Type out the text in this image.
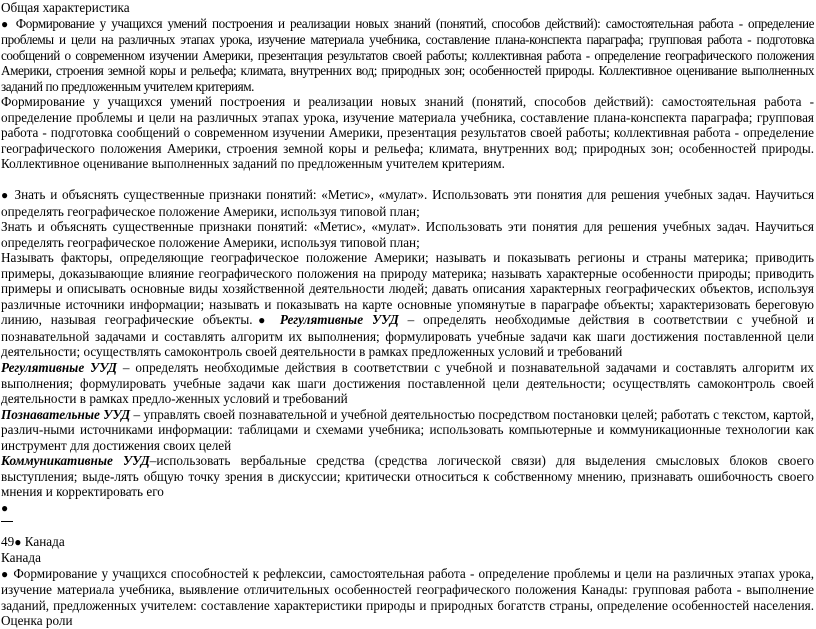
Общая характеристика

● Формирование у учащихся умений построения и реализации новых знаний (понятий, способов действий): самостоятельная работа - определение проблемы и цели на различных этапах урока, изучение материала учебника, составление плана-конспекта параграфа; групповая работа - подготовка сообщений о современном изучении Америки, презентация результатов своей работы; коллективная работа - определение географического положения Америки, строения земной коры и рельефа; климата, внутренних вод; природных зон; особенностей природы. Коллективное оценивание выполненных заданий по предложенным учителем критериям.

Формирование у учащихся умений построения и реализации новых знаний (понятий, способов действий): самостоятельная работа - определение проблемы и цели на различных этапах урока, изучение материала учебника, составление плана-конспекта параграфа; групповая работа - подготовка сообщений о современном изучении Америки, презентация результатов своей работы; коллективная работа - определение географического положения Америки, строения земной коры и рельефа; климата, внутренних вод; природных зон; особенностей природы. Коллективное оценивание выполненных заданий по предложенным учителем критериям.

● Знать и объяснять существенные признаки понятий: «Метис», «мулат». Использовать эти понятия для решения учебных задач. Научиться определять географическое положение Америки, используя типовой план;

Знать и объяснять существенные признаки понятий: «Метис», «мулат». Использовать эти понятия для решения учебных задач. Научиться определять географическое положение Америки, используя типовой план;

Называть факторы, определяющие географическое положение Америки; называть и показывать регионы и страны материка; приводить примеры, доказывающие влияние географического положения на природу материка; называть характерные особенности природы; приводить примеры и описывать основные виды хозяйственной деятельности людей; давать описания характерных географических объектов, используя различные источники информации; называть и показывать на карте основные упомянутые в параграфе объекты; характеризовать береговую линию, называя географические объекты.● Регулятивные УУД – определять необходимые действия в соответствии с учебной и познавательной задачами и составлять алгоритм их выполнения; формулировать учебные задачи как шаги достижения поставленной цели деятельности; осуществлять самоконтроль своей деятельности в рамках предложенных условий и требований

Регулятивные УУД – определять необходимые действия в соответствии с учебной и познавательной задачами и составлять алгоритм их выполнения; формулировать учебные задачи как шаги достижения поставленной цели деятельности; осуществлять самоконтроль своей деятельности в рамках предло-женных условий и требований

Познавательные УУД – управлять своей познавательной и учебной деятельностью посредством постановки целей; работать с текстом, картой, различ-ными источниками информации: таблицами и схемами учебника; использовать компьютерные и коммуникационные технологии как инструмент для достижения своих целей

Коммуникативные УУД–использовать вербальные средства (средства логической связи) для выделения смысловых блоков своего выступления; выде-лять общую точку зрения в дискуссии; критически относиться к собственному мнению, признавать ошибочность своего мнения и корректировать его

●

49● Канада

Канада

● Формирование у учащихся способностей к рефлексии, самостоятельная работа - определение проблемы и цели на различных этапах урока, изучение материала учебника, выявление отличительных особенностей географического положения Канады: групповая работа - выполнение заданий, предложенных учителем: составление характеристики природы и природных богатств страны, определение особенностей населения. Оценка роли
